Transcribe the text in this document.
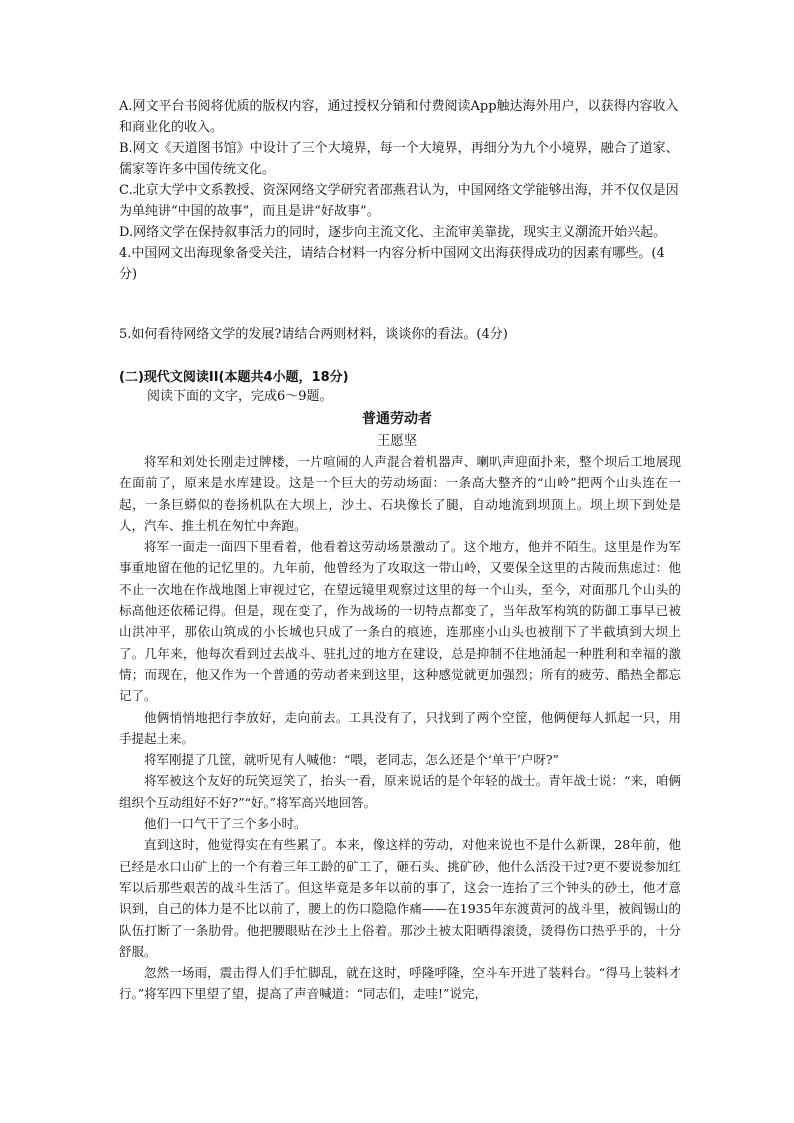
A.网文平台书阅将优质的版权内容，通过授权分销和付费阅读App触达海外用户，以获得内容收入和商业化的收入。

B.网文《天道图书馆》中设计了三个大境界，每一个大境界，再细分为九个小境界，融合了道家、儒家等许多中国传统文化。

C.北京大学中文系教授、资深网络文学研究者邵燕君认为，中国网络文学能够出海，并不仅仅是因为单纯讲“中国的故事”，而且是讲“好故事”。

D.网络文学在保持叙事活力的同时，逐步向主流文化、主流审美靠拢，现实主义潮流开始兴起。

4.中国网文出海现象备受关注，请结合材料一内容分析中国网文出海获得成功的因素有哪些。(4分)

5.如何看待网络文学的发展?请结合两则材料，谈谈你的看法。(4分)

(二)现代文阅读II(本题共4小题，18分)
阅读下面的文字，完成6～9题。
普通劳动者
王愿坚

将军和刘处长刚走过牌楼，一片喧闹的人声混合着机器声、喇叭声迎面扑来，整个坝后工地展现在面前了，原来是水库建设。这是一个巨大的劳动场面：一条高大整齐的“山岭”把两个山头连在一起，一条巨蟒似的卷扬机队在大坝上，沙土、石块像长了腿，自动地流到坝顶上。坝上坝下到处是人，汽车、推土机在匆忙中奔跑。

将军一面走一面四下里看着，他看着这劳动场景激动了。这个地方，他并不陌生。这里是作为军事重地留在他的记忆里的。九年前，他曾经为了攻取这一带山岭，又要保全这里的古陵而焦虑过：他不止一次地在作战地图上审视过它，在望远镜里观察过这里的每一个山头，至今，对面那几个山头的标高他还依稀记得。但是，现在变了，作为战场的一切特点都变了，当年敌军构筑的防御工事早已被山洪冲平，那依山筑成的小长城也只成了一条白的痕迹，连那座小山头也被削下了半截填到大坝上了。几年来，他每次看到过去战斗、驻扎过的地方在建设，总是抑制不住地涌起一种胜利和幸福的激情；而现在，他又作为一个普通的劳动者来到这里，这种感觉就更加强烈；所有的疲劳、酷热全都忘记了。

他俩悄悄地把行李放好，走向前去。工具没有了，只找到了两个空筐，他俩便每人抓起一只，用手提起土来。

将军刚提了几筐，就听见有人喊他：“喂，老同志，怎么还是个‘单干’户呀?”

将军被这个友好的玩笑逗笑了，抬头一看，原来说话的是个年轻的战士。青年战士说：“来，咱俩组织个互动组好不好?”“好。”将军高兴地回答。

他们一口气干了三个多小时。

直到这时，他觉得实在有些累了。本来，像这样的劳动，对他来说也不是什么新课，28年前，他已经是水口山矿上的一个有着三年工龄的矿工了，砸石头、挑矿砂，他什么活没干过?更不要说参加红军以后那些艰苦的战斗生活了。但这毕竟是多年以前的事了，这会一连抬了三个钟头的砂土，他才意识到，自己的体力是不比以前了，腰上的伤口隐隐作痛——在1935年东渡黄河的战斗里，被阎锡山的队伍打断了一条肋骨。他把腰眼贴在沙土上俗着。那沙土被太阳晒得滚烫，烫得伤口热乎乎的，十分舒服。

忽然一场雨，震击得人们手忙脚乱，就在这时，呼隆呼隆，空斗车开进了装料台。“得马上装料才行。”将军四下里望了望，提高了声音喊道：“同志们，走哇!”说完，
